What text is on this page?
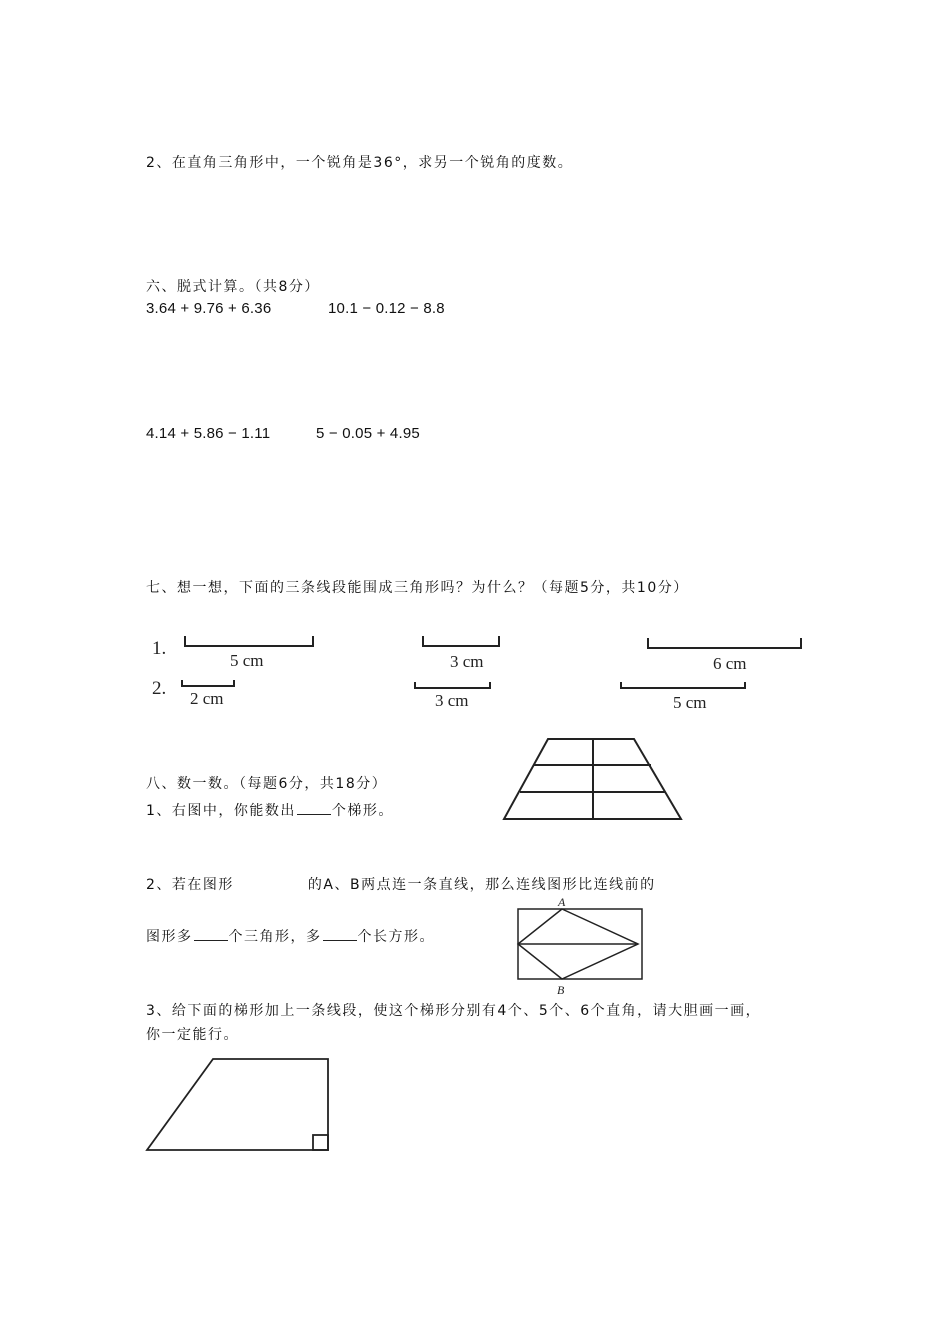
2、在直角三角形中，一个锐角是36°，求另一个锐角的度数。
六、脱式计算。（共8分）
3.64 + 9.76 + 6.36	10.1 − 0.12 − 8.8
4.14 + 5.86 − 1.11	5 − 0.05 + 4.95
七、想一想，下面的三条线段能围成三角形吗？为什么？（每题5分，共10分）
1.
2.
5 cm	3 cm	6 cm
2 cm	3 cm	5 cm
八、数一数。（每题6分，共18分）
1、右图中，你能数出	个梯形。
2、若在图形	的A、B两点连一条直线，那么连线图形比连线前的
图形多	个三角形，多	个长方形。
A
B
3、给下面的梯形加上一条线段，使这个梯形分别有4个、5个、6个直角，请大胆画一画，
你一定能行。
